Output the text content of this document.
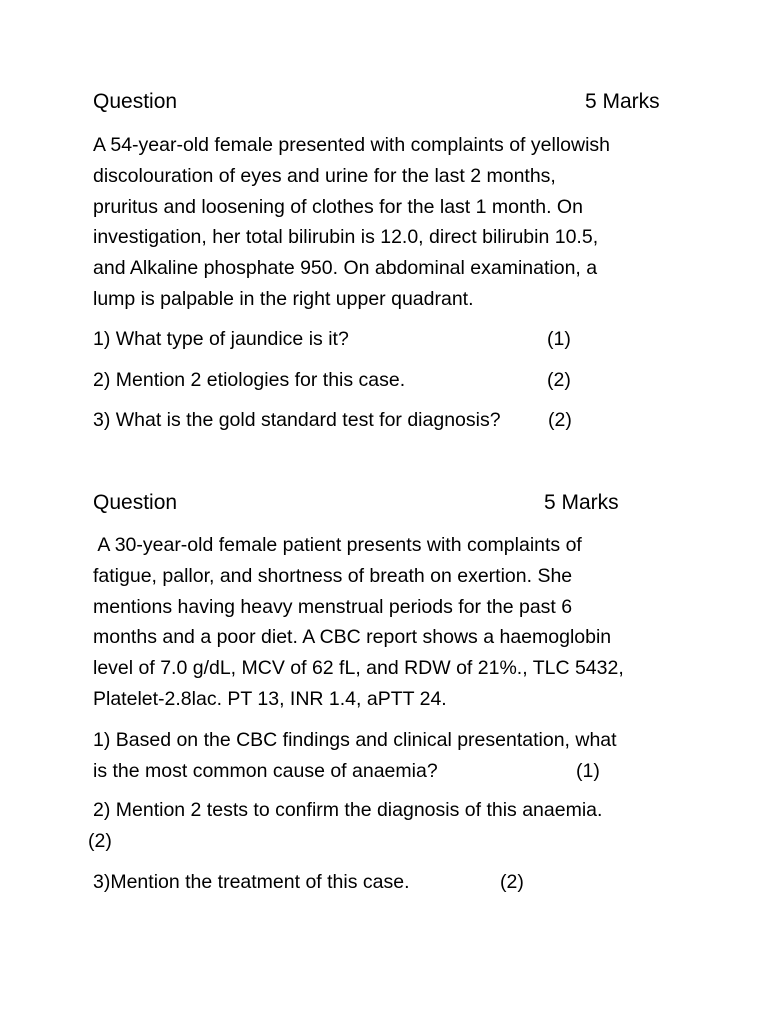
Question	5 Marks
A 54-year-old female presented with complaints of yellowish
discolouration of eyes and urine for the last 2 months,
pruritus and loosening of clothes for the last 1 month. On
investigation, her total bilirubin is 12.0, direct bilirubin 10.5,
and Alkaline phosphate 950. On abdominal examination, a
lump is palpable in the right upper quadrant.
1) What type of jaundice is it?	(1)
2) Mention 2 etiologies for this case.	(2)
3) What is the gold standard test for diagnosis? (2)
Question	5 Marks
A 30-year-old female patient presents with complaints of
fatigue, pallor, and shortness of breath on exertion. She
mentions having heavy menstrual periods for the past 6
months and a poor diet. A CBC report shows a haemoglobin
level of 7.0 g/dL, MCV of 62 fL, and RDW of 21%., TLC 5432,
Platelet-2.8lac. PT 13, INR 1.4, aPTT 24.
1) Based on the CBC findings and clinical presentation, what
is the most common cause of anaemia?	(1)
2) Mention 2 tests to confirm the diagnosis of this anaemia.
(2)
3)Mention the treatment of this case.	(2)
